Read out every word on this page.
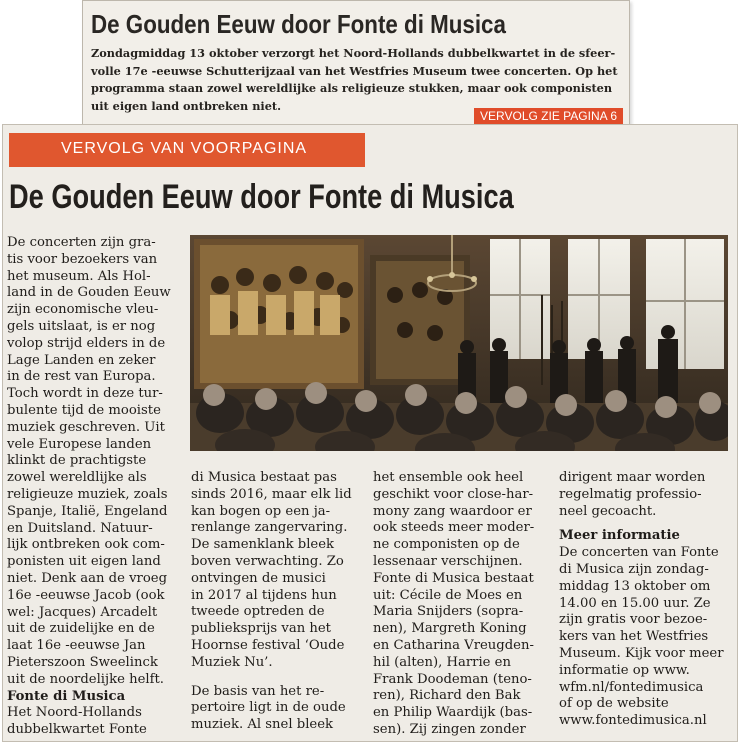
De Gouden Eeuw door Fonte di Musica
Zondagmiddag 13 oktober verzorgt het Noord-Hollands dubbelkwartet in de sfeer-
volle 17e -eeuwse Schutterijzaal van het Westfries Museum twee concerten. Op het
programma staan zowel wereldlijke als religieuze stukken, maar ook componisten
uit eigen land ontbreken niet.
VERVOLG ZIE PAGINA 6
VERVOLG VAN VOORPAGINA
De Gouden Eeuw door Fonte di Musica
De concerten zijn gra-
tis voor bezoekers van
het museum. Als Hol-
land in de Gouden Eeuw
zijn economische vleu-
gels uitslaat, is er nog
volop strijd elders in de
Lage Landen en zeker
in de rest van Europa.
Toch wordt in deze tur-
bulente tijd de mooiste
muziek geschreven. Uit
vele Europese landen
klinkt de prachtigste
zowel wereldlijke als
religieuze muziek, zoals
Spanje, Italië, Engeland
en Duitsland. Natuur-
lijk ontbreken ook com-
ponisten uit eigen land
niet. Denk aan de vroeg
16e -eeuwse Jacob (ook
wel: Jacques) Arcadelt
uit de zuidelijke en de
laat 16e -eeuwse Jan
Pieterszoon Sweelinck
uit de noordelijke helft.
Fonte di Musica
Het Noord-Hollands
dubbelkwartet Fonte
di Musica bestaat pas
sinds 2016, maar elk lid
kan bogen op een ja-
renlange zangervaring.
De samenklank bleek
boven verwachting. Zo
ontvingen de musici
in 2017 al tijdens hun
tweede optreden de
publieksprijs van het
Hoornse festival ‘Oude
Muziek Nu’.
De basis van het re-
pertoire ligt in de oude
muziek. Al snel bleek
het ensemble ook heel
geschikt voor close-har-
mony zang waardoor er
ook steeds meer moder-
ne componisten op de
lessenaar verschijnen.
Fonte di Musica bestaat
uit: Cécile de Moes en
Maria Snijders (sopra-
nen), Margreth Koning
en Catharina Vreugden-
hil (alten), Harrie en
Frank Doodeman (teno-
ren), Richard den Bak
en Philip Waardijk (bas-
sen). Zij zingen zonder
dirigent maar worden
regelmatig professio-
neel gecoacht.
Meer informatie
De concerten van Fonte
di Musica zijn zondag-
middag 13 oktober om
14.00 en 15.00 uur. Ze
zijn gratis voor bezoe-
kers van het Westfries
Museum. Kijk voor meer
informatie op www.
wfm.nl/fontedimusica
of op de website
www.fontedimusica.nl
